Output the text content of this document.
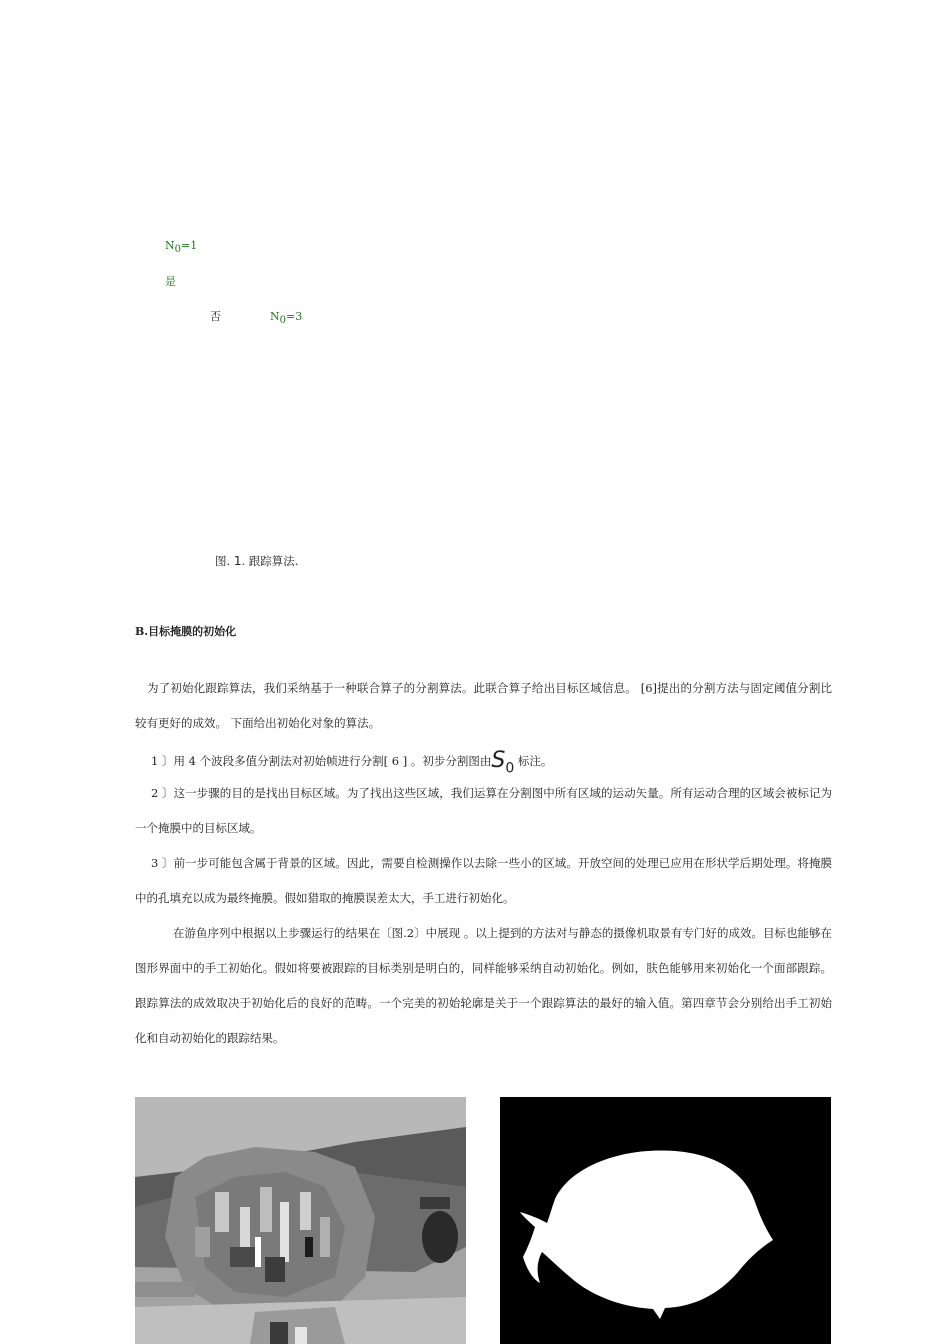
$N_0=1$
是
否	$N_0=3$
图. 1. 跟踪算法.
B.目标掩膜的初始化
为了初始化跟踪算法，我们采纳基于一种联合算子的分割算法。此联合算子给出目标区域信息。 [6]提出的分割方法与固定阈值分割比较有更好的成效。 下面给出初始化对象的算法。
1 〕用 4 个波段多值分割法对初始帧进行分割[ 6 ] 。初步分割图由$S_0$ 标注。
2 〕这一步骤的目的是找出目标区域。为了找出这些区域，我们运算在分割图中所有区域的运动矢量。所有运动合理的区域会被标记为一个掩膜中的目标区域。
3 〕前一步可能包含属于背景的区域。因此，需要自检测操作以去除一些小的区域。开放空间的处理已应用在形状学后期处理。将掩膜中的孔填充以成为最终掩膜。假如猎取的掩膜误差太大，手工进行初始化。
在游鱼序列中根据以上步骤运行的结果在〔图.2〕中展现 。以上提到的方法对与静态的摄像机取景有专门好的成效。目标也能够在图形界面中的手工初始化。假如将要被跟踪的目标类别是明白的，同样能够采纳自动初始化。例如，肤色能够用来初始化一个面部跟踪。跟踪算法的成效取决于初始化后的良好的范畴。一个完美的初始轮廓是关于一个跟踪算法的最好的输入值。第四章节会分别给出手工初始化和自动初始化的跟踪结果。
